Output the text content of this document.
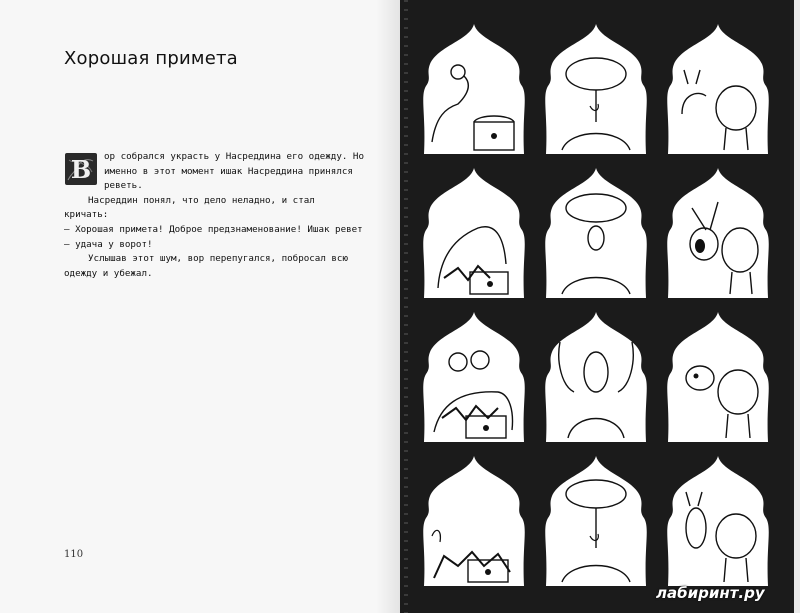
Хорошая примета

В ор собрался украсть у Насреддина его одежду. Но именно в этот момент ишак Насреддина принялся реветь.

Насреддин понял, что дело неладно, и стал кричать:

— Хорошая примета! Доброе предзнаменование! Ишак ревет — удача у ворот!

Услышав этот шум, вор перепугался, побросал всю одежду и убежал.

110
лабиринт.ру
